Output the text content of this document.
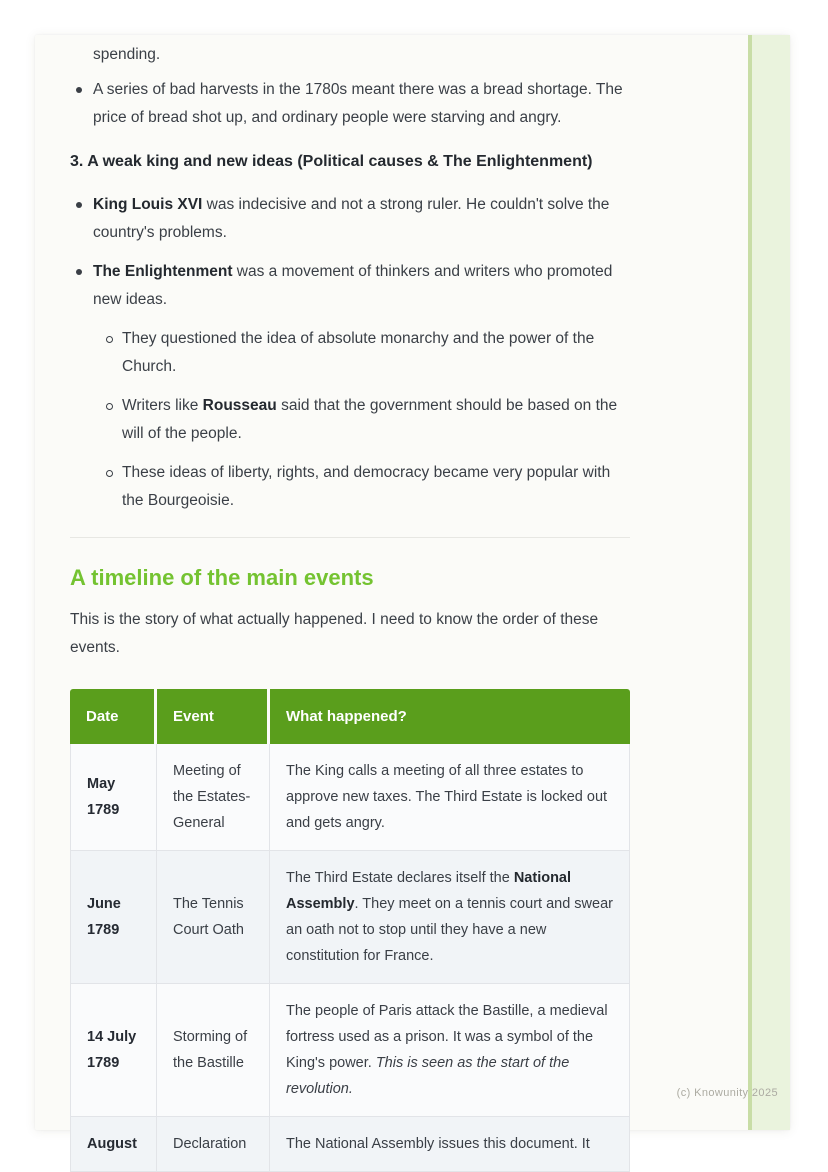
(c) Knowunity 2025
spending.
A series of bad harvests in the 1780s meant there was a bread shortage. The price of bread shot up, and ordinary people were starving and angry.
3. A weak king and new ideas (Political causes & The Enlightenment)
King Louis XVI was indecisive and not a strong ruler. He couldn't solve the country's problems.
The Enlightenment was a movement of thinkers and writers who promoted new ideas.
They questioned the idea of absolute monarchy and the power of the Church.
Writers like Rousseau said that the government should be based on the will of the people.
These ideas of liberty, rights, and democracy became very popular with the Bourgeoisie.
A timeline of the main events

This is the story of what actually happened. I need to know the order of these events.

Date	Event	What happened?
May 1789	Meeting of the Estates-General	The King calls a meeting of all three estates to approve new taxes. The Third Estate is locked out and gets angry.
June 1789	The Tennis Court Oath	The Third Estate declares itself the National Assembly. They meet on a tennis court and swear an oath not to stop until they have a new constitution for France.
14 July 1789	Storming of the Bastille	The people of Paris attack the Bastille, a medieval fortress used as a prison. It was a symbol of the King's power. This is seen as the start of the revolution.
August	Declaration	The National Assembly issues this document. It
